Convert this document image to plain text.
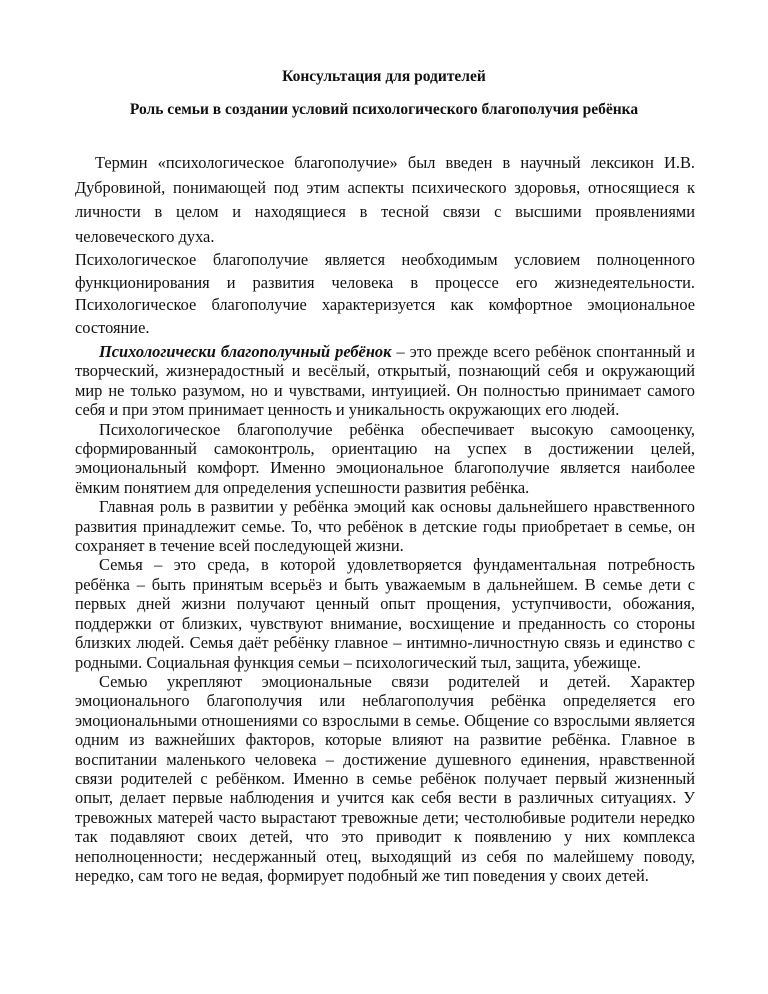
Консультация для родителей
Роль семьи в создании условий психологического благополучия ребёнка

Термин «психологическое благополучие» был введен в научный лексикон И.В. Дубровиной, понимающей под этим аспекты психического здоровья, относящиеся к личности в целом и находящиеся в тесной связи с высшими проявлениями человеческого духа.

Психологическое благополучие является необходимым условием полноценного функционирования и развития человека в процессе его жизнедеятельности. Психологическое благополучие характеризуется как комфортное эмоциональное состояние.

Психологически благополучный ребёнок – это прежде всего ребёнок спонтанный и творческий, жизнерадостный и весёлый, открытый, познающий себя и окружающий мир не только разумом, но и чувствами, интуицией. Он полностью принимает самого себя и при этом принимает ценность и уникальность окружающих его людей.

Психологическое благополучие ребёнка обеспечивает высокую самооценку, сформированный самоконтроль, ориентацию на успех в достижении целей, эмоциональный комфорт. Именно эмоциональное благополучие является наиболее ёмким понятием для определения успешности развития ребёнка.

Главная роль в развитии у ребёнка эмоций как основы дальнейшего нравственного развития принадлежит семье. То, что ребёнок в детские годы приобретает в семье, он сохраняет в течение всей последующей жизни.

Семья – это среда, в которой удовлетворяется фундаментальная потребность ребёнка – быть принятым всерьёз и быть уважаемым в дальнейшем. В семье дети с первых дней жизни получают ценный опыт прощения, уступчивости, обожания, поддержки от близких, чувствуют внимание, восхищение и преданность со стороны близких людей. Семья даёт ребёнку главное – интимно-личностную связь и единство с родными. Социальная функция семьи – психологический тыл, защита, убежище.

Семью укрепляют эмоциональные связи родителей и детей. Характер эмоционального благополучия или неблагополучия ребёнка определяется его эмоциональными отношениями со взрослыми в семье. Общение со взрослыми является одним из важнейших факторов, которые влияют на развитие ребёнка. Главное в воспитании маленького человека – достижение душевного единения, нравственной связи родителей с ребёнком. Именно в семье ребёнок получает первый жизненный опыт, делает первые наблюдения и учится как себя вести в различных ситуациях. У тревожных матерей часто вырастают тревожные дети; честолюбивые родители нередко так подавляют своих детей, что это приводит к появлению у них комплекса неполноценности; несдержанный отец, выходящий из себя по малейшему поводу, нередко, сам того не ведая, формирует подобный же тип поведения у своих детей.
